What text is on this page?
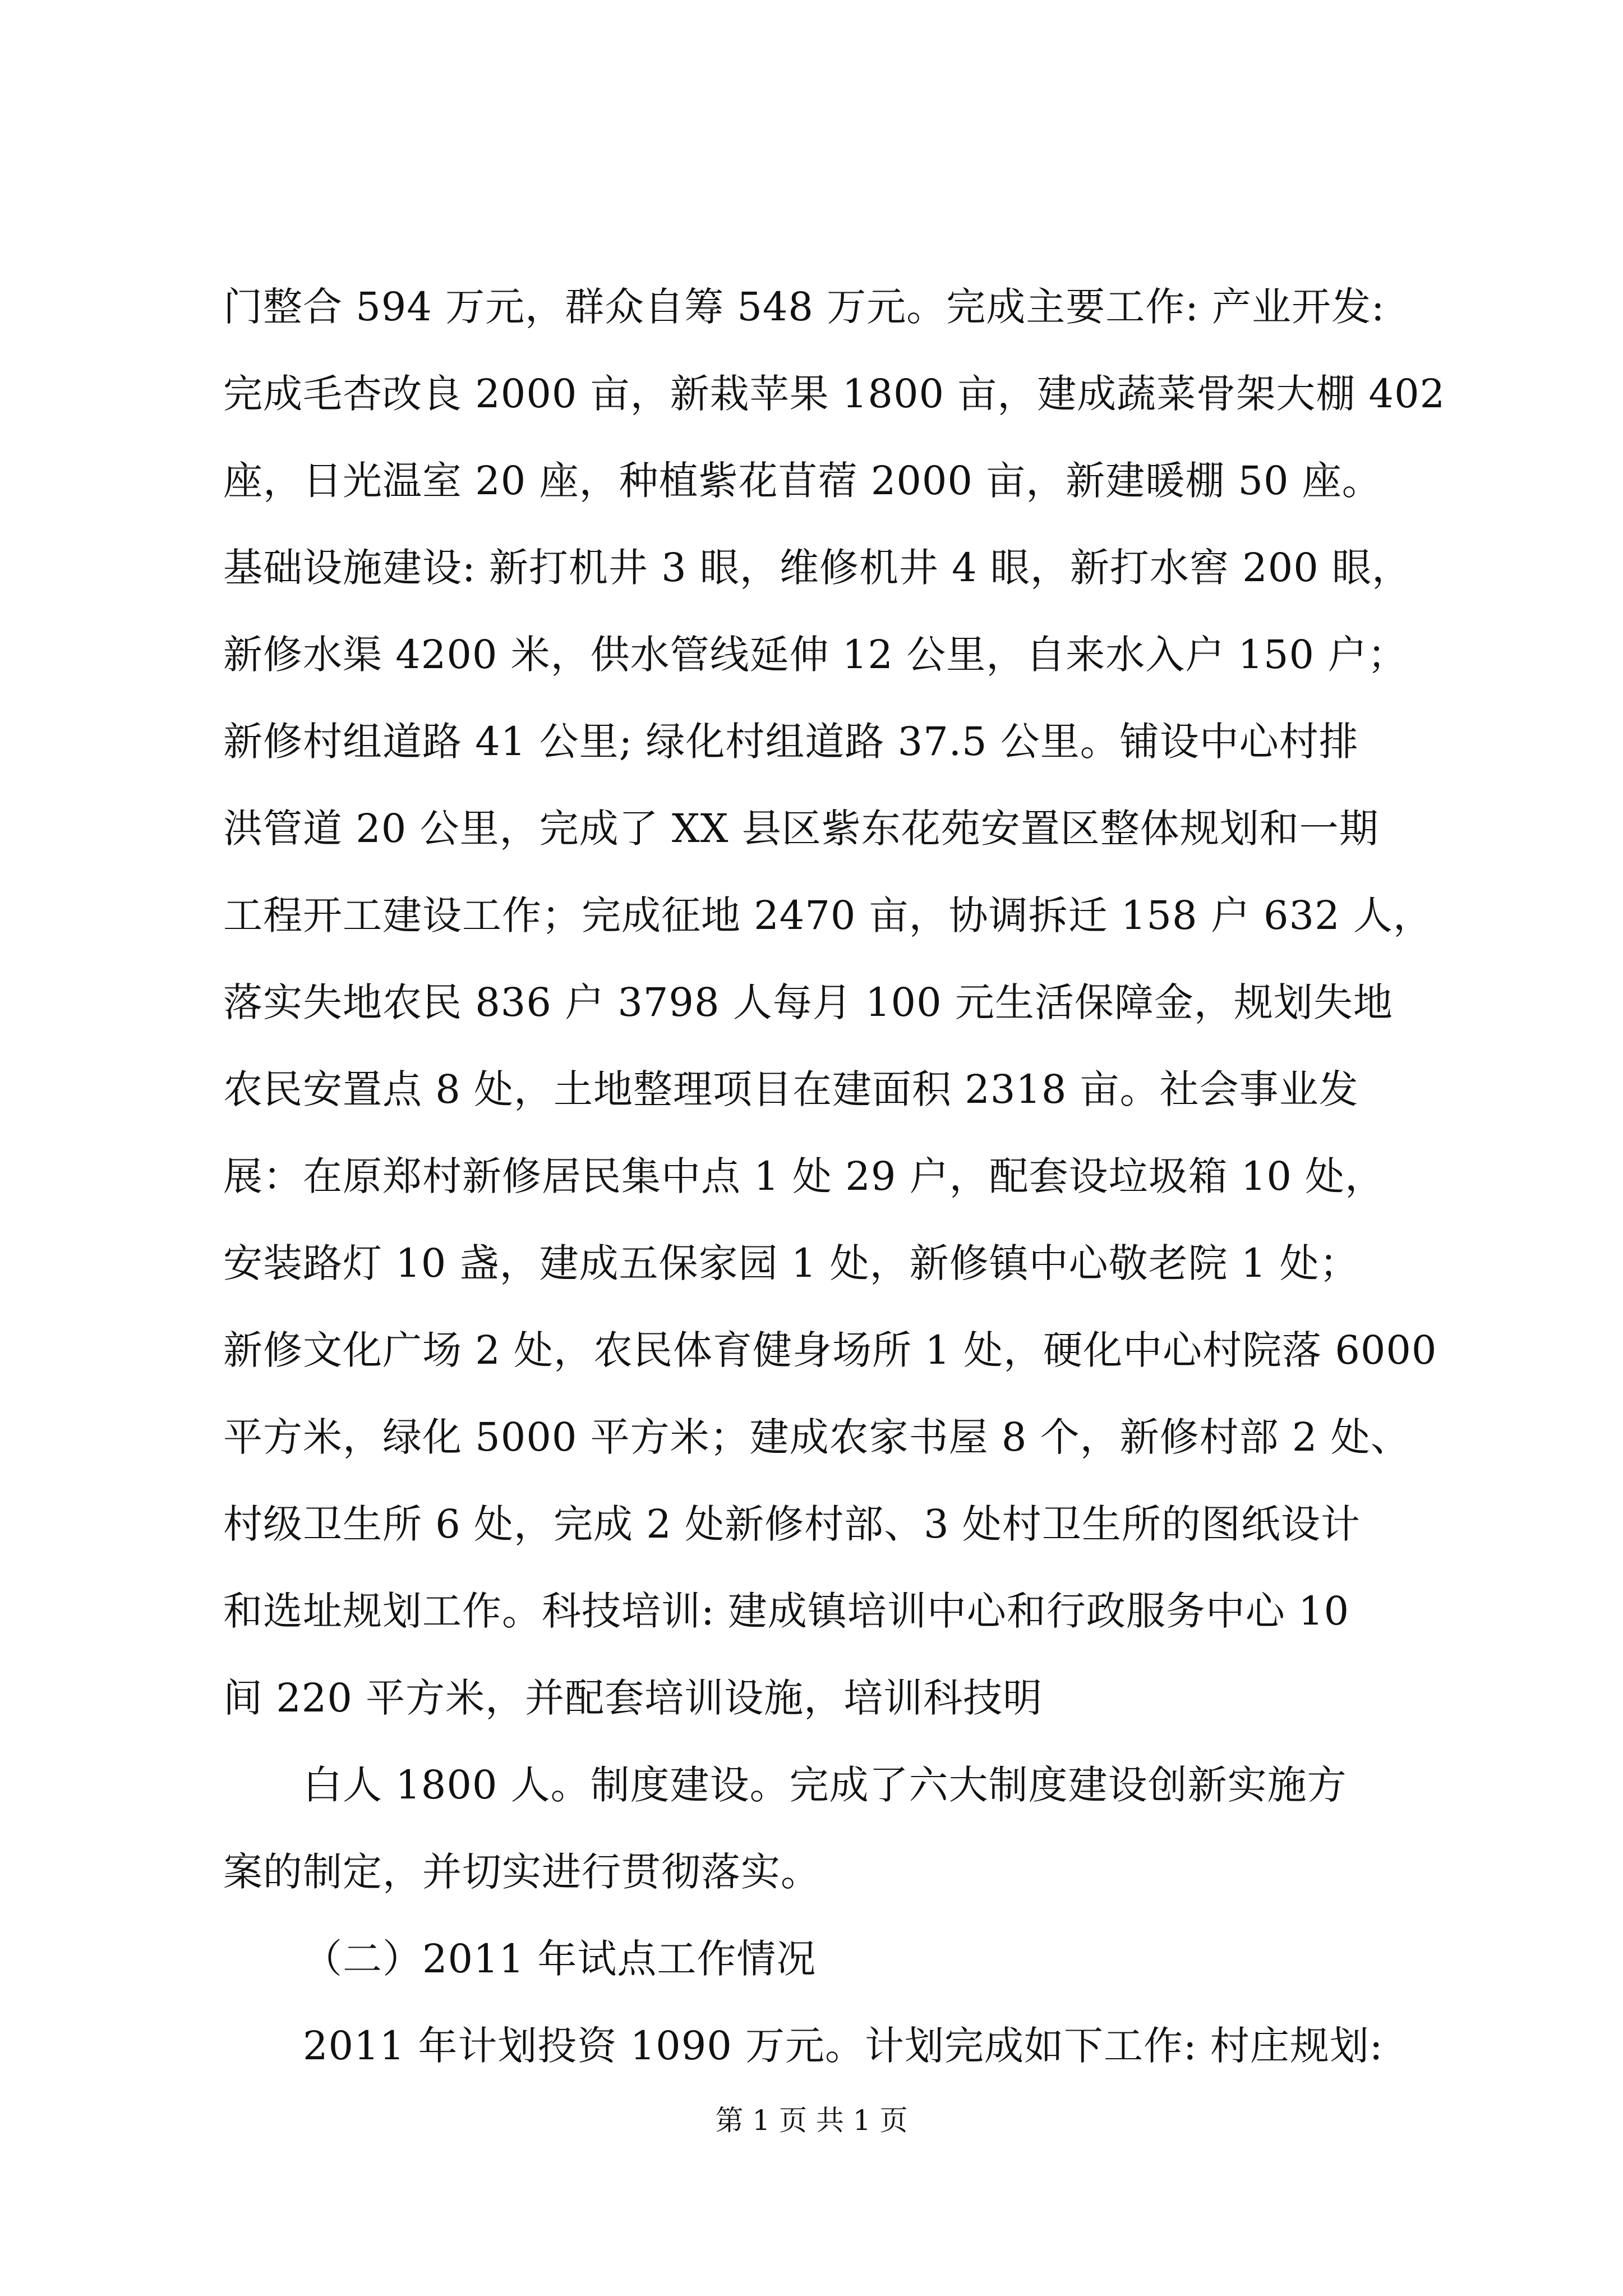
门整合 594 万元，群众自筹 548 万元。完成主要工作: 产业开发:

完成毛杏改良 2000 亩，新栽苹果 1800 亩，建成蔬菜骨架大棚 402

座，日光温室 20 座，种植紫花苜蓿 2000 亩，新建暖棚 50 座。

基础设施建设: 新打机井 3 眼，维修机井 4 眼，新打水窖 200 眼，

新修水渠 4200 米，供水管线延伸 12 公里，自来水入户 150 户；

新修村组道路 41 公里; 绿化村组道路 37.5 公里。铺设中心村排

洪管道 20 公里，完成了 XX 县区紫东花苑安置区整体规划和一期

工程开工建设工作；完成征地 2470 亩，协调拆迁 158 户 632 人，

落实失地农民 836 户 3798 人每月 100 元生活保障金，规划失地

农民安置点 8 处，土地整理项目在建面积 2318 亩。社会事业发

展：在原郑村新修居民集中点 1 处 29 户，配套设垃圾箱 10 处，

安装路灯 10 盏，建成五保家园 1 处，新修镇中心敬老院 1 处；

新修文化广场 2 处，农民体育健身场所 1 处，硬化中心村院落 6000

平方米，绿化 5000 平方米；建成农家书屋 8 个，新修村部 2 处、

村级卫生所 6 处，完成 2 处新修村部、3 处村卫生所的图纸设计

和选址规划工作。科技培训: 建成镇培训中心和行政服务中心 10

间 220 平方米，并配套培训设施，培训科技明

白人 1800 人。制度建设。完成了六大制度建设创新实施方

案的制定，并切实进行贯彻落实。

（二）2011 年试点工作情况

2011 年计划投资 1090 万元。计划完成如下工作: 村庄规划:

第 1 页 共 1 页
